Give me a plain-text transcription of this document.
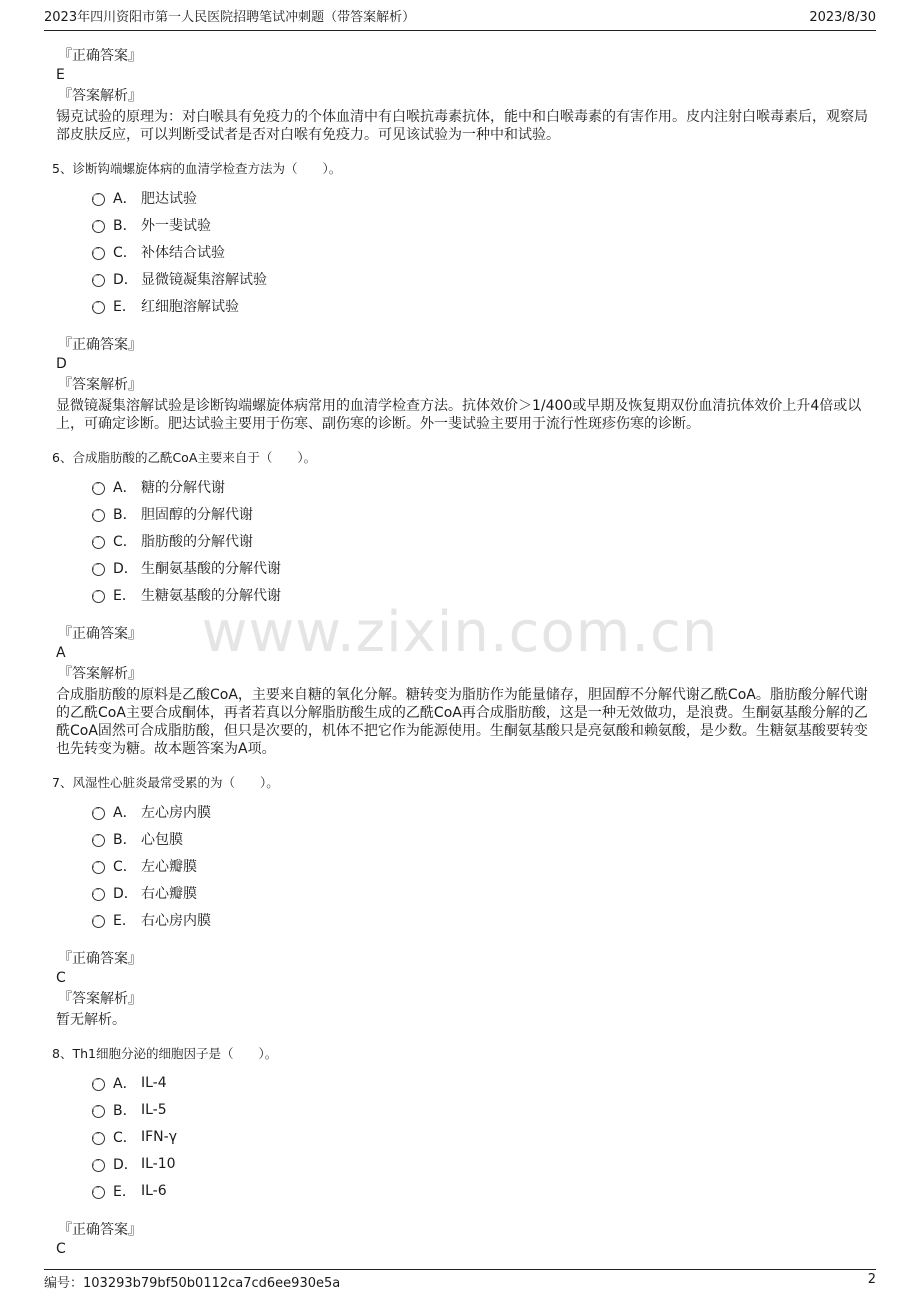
2023年四川资阳市第一人民医院招聘笔试冲刺题（带答案解析）	2023/8/30
www.zixin.com.cn
『正确答案』
E
『答案解析』
锡克试验的原理为：对白喉具有免疫力的个体血清中有白喉抗毒素抗体，能中和白喉毒素的有害作用。皮内注射白喉毒素后，观察局部皮肤反应，可以判断受试者是否对白喉有免疫力。可见该试验为一种中和试验。
5、诊断钩端螺旋体病的血清学检查方法为（　　）。
A． 肥达试验
B． 外一斐试验
C． 补体结合试验
D． 显微镜凝集溶解试验
E． 红细胞溶解试验
『正确答案』
D
『答案解析』
显微镜凝集溶解试验是诊断钩端螺旋体病常用的血清学检查方法。抗体效价＞1/400或早期及恢复期双份血清抗体效价上升4倍或以上，可确定诊断。肥达试验主要用于伤寒、副伤寒的诊断。外一斐试验主要用于流行性斑疹伤寒的诊断。
6、合成脂肪酸的乙酰CoA主要来自于（　　）。
A． 糖的分解代谢
B． 胆固醇的分解代谢
C． 脂肪酸的分解代谢
D． 生酮氨基酸的分解代谢
E． 生糖氨基酸的分解代谢
『正确答案』
A
『答案解析』
合成脂肪酸的原料是乙酸CoA，主要来自糖的氧化分解。糖转变为脂肪作为能量储存，胆固醇不分解代谢乙酰CoA。脂肪酸分解代谢的乙酰CoA主要合成酮体，再者若真以分解脂肪酸生成的乙酰CoA再合成脂肪酸，这是一种无效做功，是浪费。生酮氨基酸分解的乙酰CoA固然可合成脂肪酸，但只是次要的，机体不把它作为能源使用。生酮氨基酸只是亮氨酸和赖氨酸，是少数。生糖氨基酸要转变也先转变为糖。故本题答案为A项。
7、风湿性心脏炎最常受累的为（　　）。
A． 左心房内膜
B． 心包膜
C． 左心瓣膜
D． 右心瓣膜
E． 右心房内膜
『正确答案』
C
『答案解析』
暂无解析。
8、Th1细胞分泌的细胞因子是（　　）。
A． IL-4
B． IL-5
C． IFN-γ
D． IL-10
E． IL-6
『正确答案』
C
编号：103293b79bf50b0112ca7cd6ee930e5a	2
